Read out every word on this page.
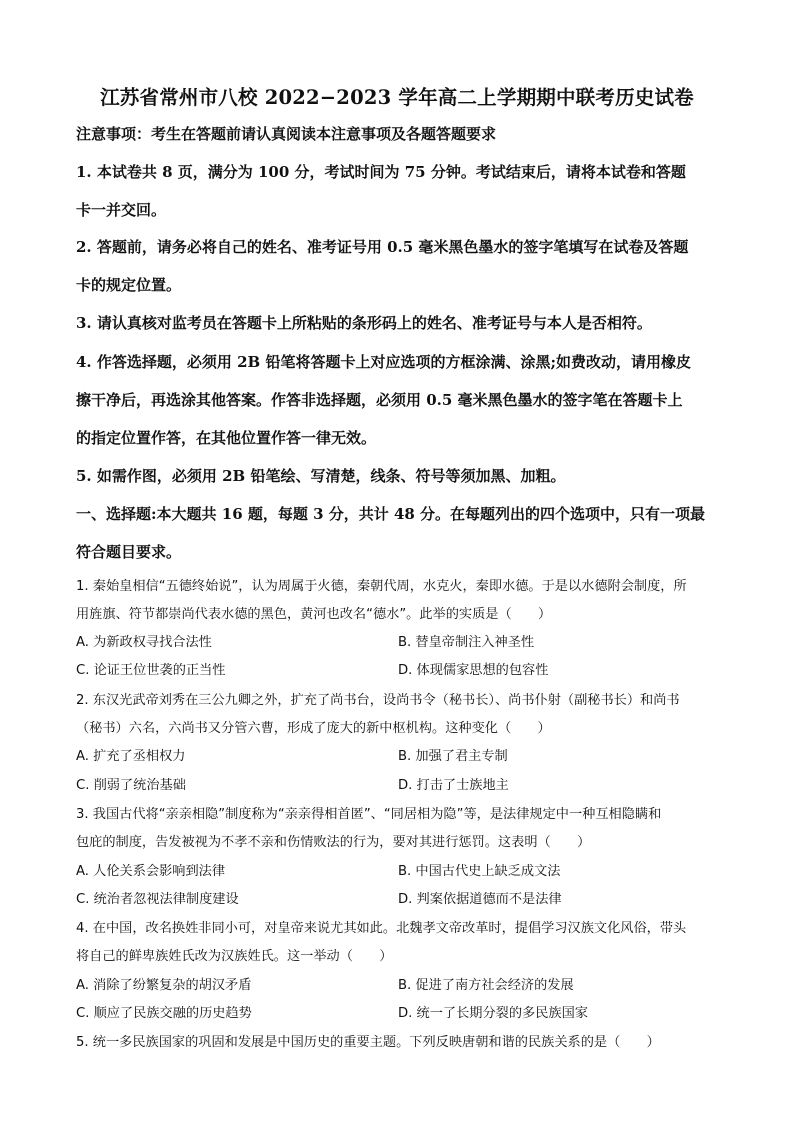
江苏省常州市八校 2022−2023 学年高二上学期期中联考历史试卷
注意事项：考生在答题前请认真阅读本注意事项及各题答题要求
1. 本试卷共 8 页，满分为 100 分，考试时间为 75 分钟。考试结束后，请将本试卷和答题
卡一并交回。
2. 答题前，请务必将自己的姓名、准考证号用 0.5 毫米黑色墨水的签字笔填写在试卷及答题
卡的规定位置。
3. 请认真核对监考员在答题卡上所粘贴的条形码上的姓名、准考证号与本人是否相符。
4. 作答选择题，必须用 2B 铅笔将答题卡上对应选项的方框涂满、涂黑;如费改动，请用橡皮
擦干净后，再选涂其他答案。作答非选择题，必须用 0.5 毫米黑色墨水的签字笔在答题卡上
的指定位置作答，在其他位置作答一律无效。
5. 如需作图，必须用 2B 铅笔绘、写清楚，线条、符号等须加黑、加粗。
一、选择题:本大题共 16 题，每题 3 分，共计 48 分。在每题列出的四个选项中，只有一项最
符合题目要求。
1. 秦始皇相信“五德终始说”，认为周属于火德，秦朝代周，水克火，秦即水德。于是以水德附会制度，所
用旌旗、符节都崇尚代表水德的黑色，黄河也改名“德水”。此举的实质是（　　）
A. 为新政权寻找合法性	B. 替皇帝制注入神圣性
C. 论证王位世袭的正当性	D. 体现儒家思想的包容性
2. 东汉光武帝刘秀在三公九卿之外，扩充了尚书台，设尚书令（秘书长）、尚书仆射（副秘书长）和尚书
（秘书）六名，六尚书又分管六曹，形成了庞大的新中枢机构。这种变化（　　）
A. 扩充了丞相权力	B. 加强了君主专制
C. 削弱了统治基础	D. 打击了士族地主
3. 我国古代将“亲亲相隐”制度称为“亲亲得相首匿”、“同居相为隐”等，是法律规定中一种互相隐瞒和
包庇的制度，告发被视为不孝不亲和伤情败法的行为，要对其进行惩罚。这表明（　　）
A. 人伦关系会影响到法律	B. 中国古代史上缺乏成文法
C. 统治者忽视法律制度建设	D. 判案依据道德而不是法律
4. 在中国，改名换姓非同小可，对皇帝来说尤其如此。北魏孝文帝改革时，提倡学习汉族文化风俗，带头
将自己的鲜卑族姓氏改为汉族姓氏。这一举动（　　）
A. 消除了纷繁复杂的胡汉矛盾	B. 促进了南方社会经济的发展
C. 顺应了民族交融的历史趋势	D. 统一了长期分裂的多民族国家
5. 统一多民族国家的巩固和发展是中国历史的重要主题。下列反映唐朝和谐的民族关系的是（　　）
